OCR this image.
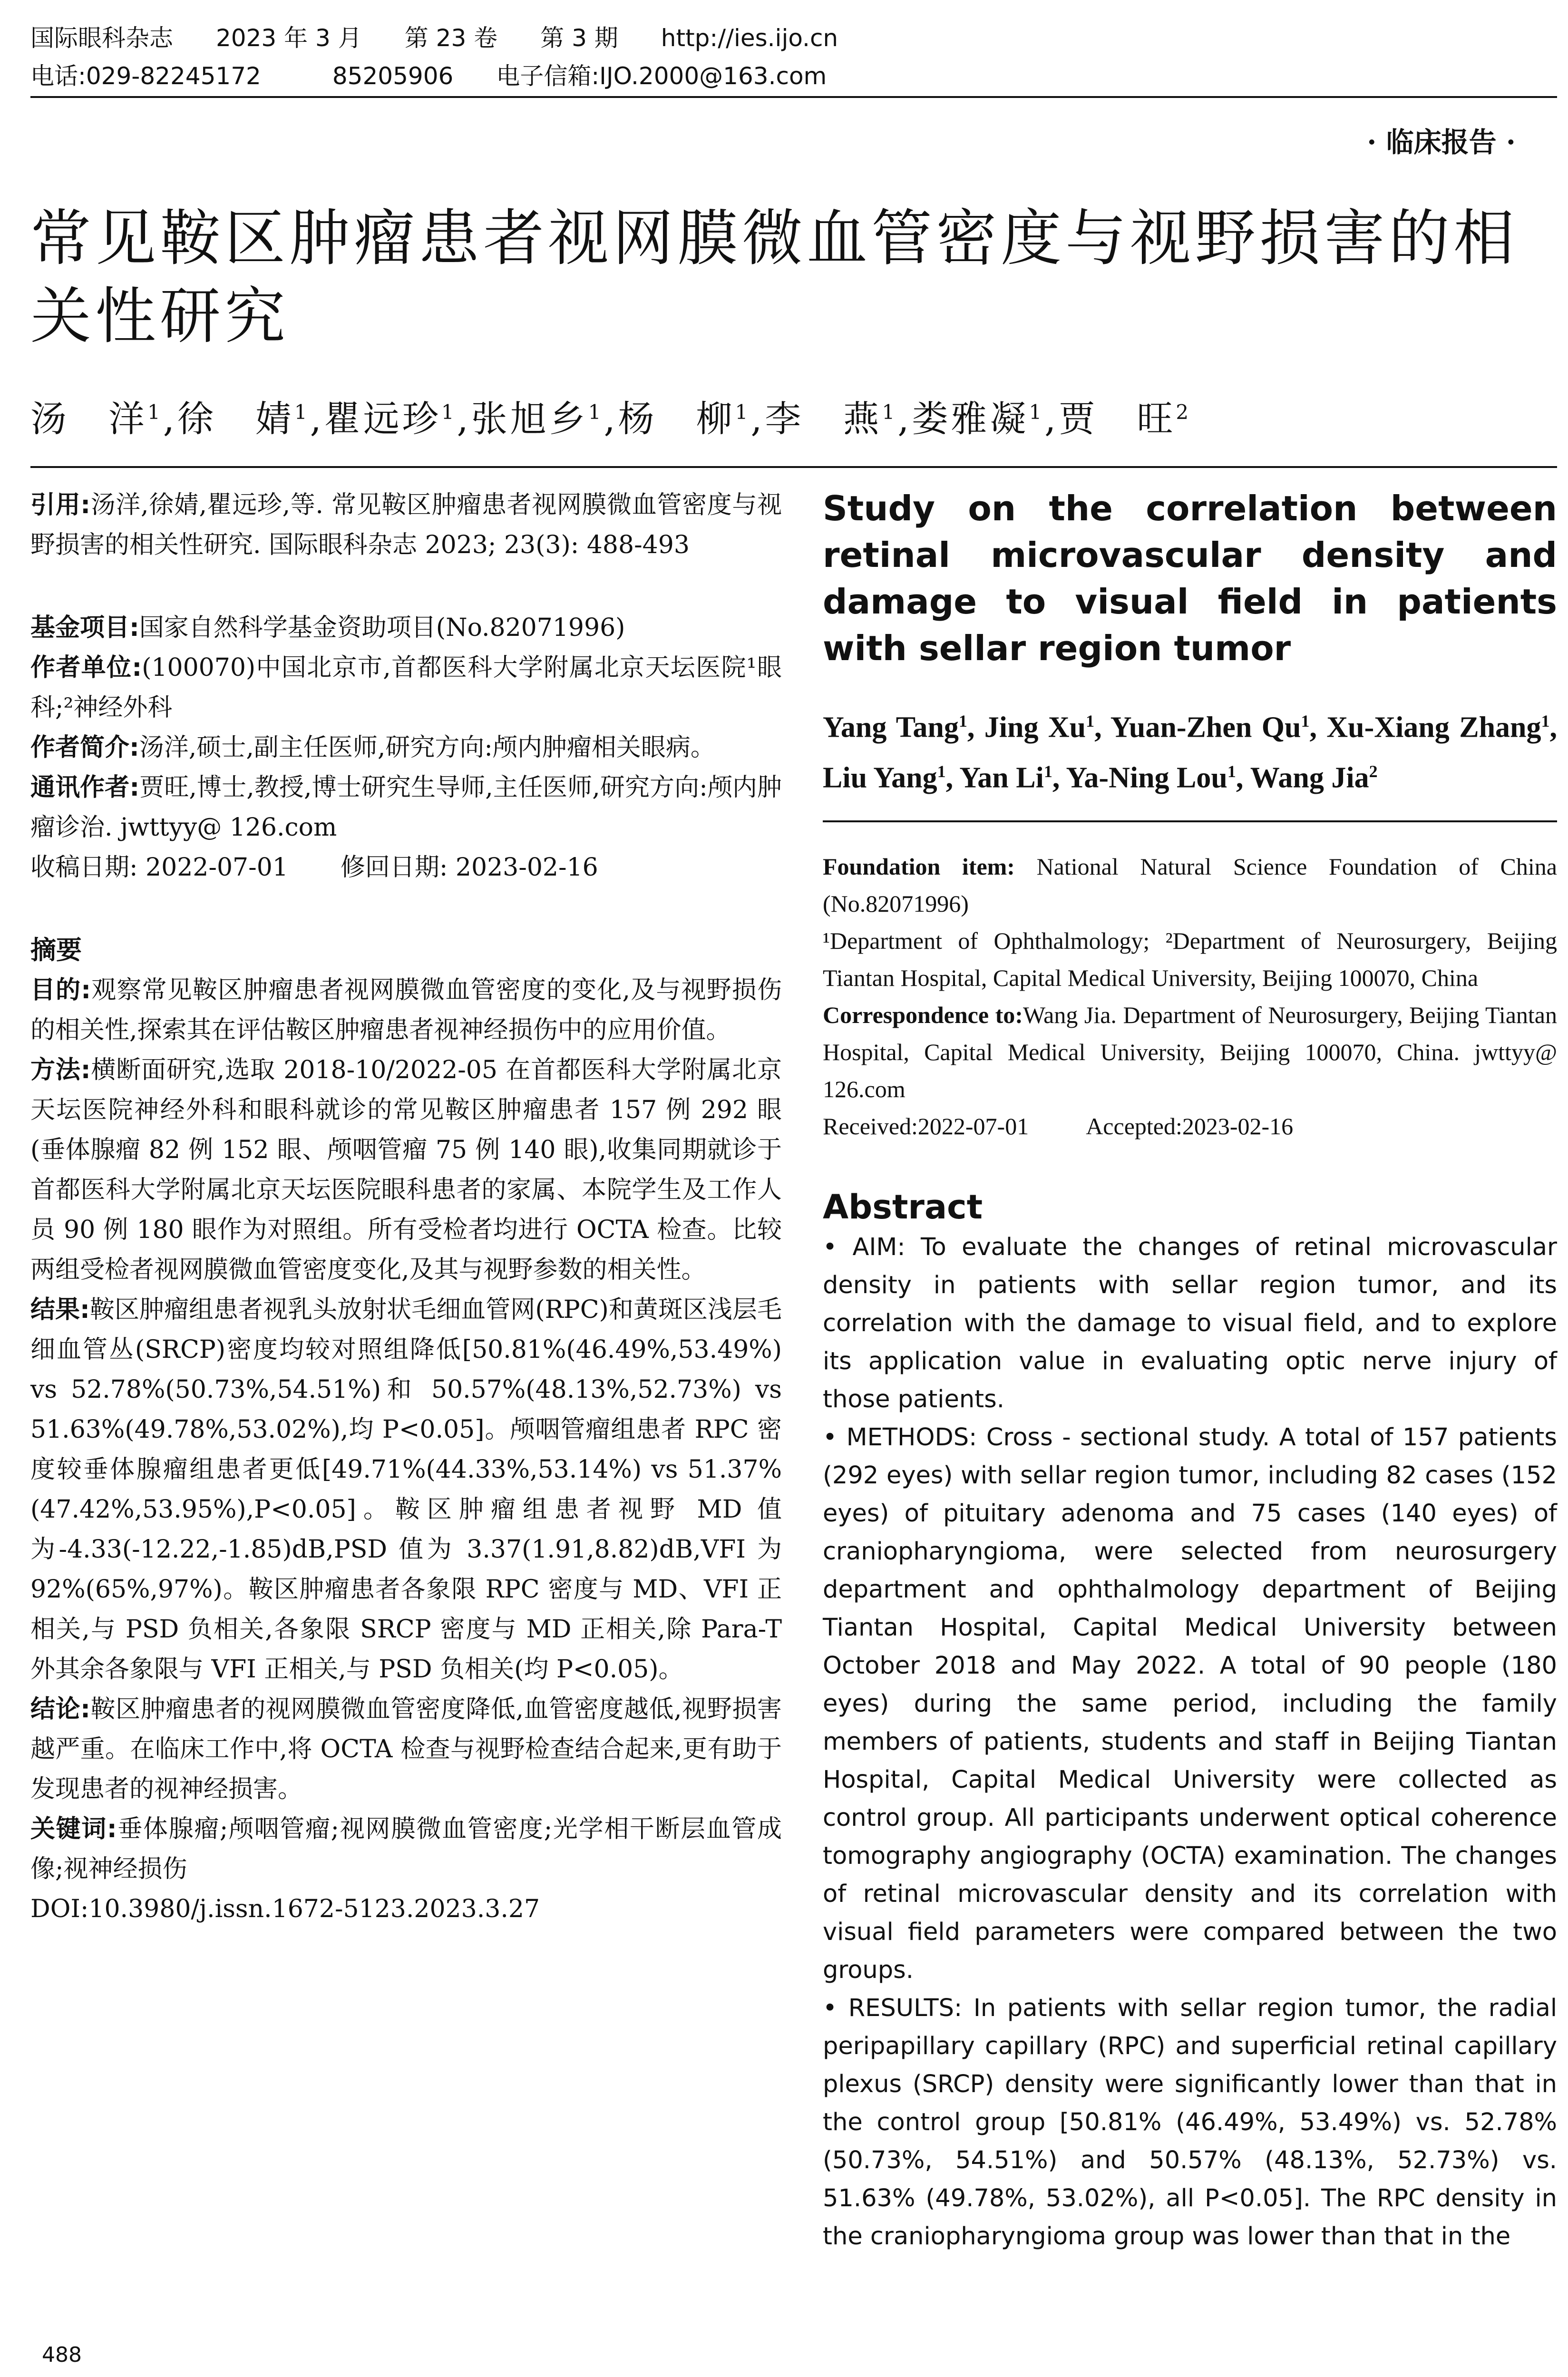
国际眼科杂志 2023 年 3 月 第 23 卷 第 3 期 http://ies.ijo.cn
电话:029-82245172	85205906 电子信箱:IJO.2000@163.com
· 临床报告 ·
常见鞍区肿瘤患者视网膜微血管密度与视野损害的相关性研究
汤　洋$^1$,徐　婧$^1$,瞿远珍$^1$,张旭乡$^1$,杨　柳$^1$,李　燕$^1$,娄雅凝$^1$,贾　旺$^2$

引用:汤洋,徐婧,瞿远珍,等. 常见鞍区肿瘤患者视网膜微血管密度与视野损害的相关性研究. 国际眼科杂志 2023; 23(3): 488-493

基金项目:国家自然科学基金资助项目(No.82071996)

作者单位:(100070)中国北京市,首都医科大学附属北京天坛医院¹眼科;²神经外科

作者简介:汤洋,硕士,副主任医师,研究方向:颅内肿瘤相关眼病。

通讯作者:贾旺,博士,教授,博士研究生导师,主任医师,研究方向:颅内肿瘤诊治. jwttyy@ 126.com

收稿日期: 2022-07-01 修回日期: 2023-02-16

摘要

目的:观察常见鞍区肿瘤患者视网膜微血管密度的变化,及与视野损伤的相关性,探索其在评估鞍区肿瘤患者视神经损伤中的应用价值。

方法:横断面研究,选取 2018-10/2022-05 在首都医科大学附属北京天坛医院神经外科和眼科就诊的常见鞍区肿瘤患者 157 例 292 眼(垂体腺瘤 82 例 152 眼、颅咽管瘤 75 例 140 眼),收集同期就诊于首都医科大学附属北京天坛医院眼科患者的家属、本院学生及工作人员 90 例 180 眼作为对照组。所有受检者均进行 OCTA 检查。比较两组受检者视网膜微血管密度变化,及其与视野参数的相关性。

结果:鞍区肿瘤组患者视乳头放射状毛细血管网(RPC)和黄斑区浅层毛细血管丛(SRCP)密度均较对照组降低[50.81%(46.49%,53.49%) vs 52.78%(50.73%,54.51%)和 50.57%(48.13%,52.73%) vs 51.63%(49.78%,53.02%),均 P<0.05]。颅咽管瘤组患者 RPC 密度较垂体腺瘤组患者更低[49.71%(44.33%,53.14%) vs 51.37%(47.42%,53.95%),P<0.05]。鞍区肿瘤组患者视野 MD 值为-4.33(-12.22,-1.85)dB,PSD 值为 3.37(1.91,8.82)dB,VFI 为 92%(65%,97%)。鞍区肿瘤患者各象限 RPC 密度与 MD、VFI 正相关,与 PSD 负相关,各象限 SRCP 密度与 MD 正相关,除 Para-T 外其余各象限与 VFI 正相关,与 PSD 负相关(均 P<0.05)。

结论:鞍区肿瘤患者的视网膜微血管密度降低,血管密度越低,视野损害越严重。在临床工作中,将 OCTA 检查与视野检查结合起来,更有助于发现患者的视神经损害。

关键词:垂体腺瘤;颅咽管瘤;视网膜微血管密度;光学相干断层血管成像;视神经损伤

DOI:10.3980/j.issn.1672-5123.2023.3.27

Study on the correlation between retinal microvascular density and damage to visual field in patients with sellar region tumor
Yang Tang$^1$, Jing Xu$^1$, Yuan-Zhen Qu$^1$, Xu-Xiang Zhang$^1$, Liu Yang$^1$, Yan Li$^1$, Ya-Ning Lou$^1$, Wang Jia$^2$

Foundation item: National Natural Science Foundation of China (No.82071996)

¹Department of Ophthalmology; ²Department of Neurosurgery, Beijing Tiantan Hospital, Capital Medical University, Beijing 100070, China

Correspondence to:Wang Jia. Department of Neurosurgery, Beijing Tiantan Hospital, Capital Medical University, Beijing 100070, China. jwttyy@ 126.com

Received:2022-07-01 Accepted:2023-02-16

Abstract

• AIM: To evaluate the changes of retinal microvascular density in patients with sellar region tumor, and its correlation with the damage to visual field, and to explore its application value in evaluating optic nerve injury of those patients.

• METHODS: Cross - sectional study. A total of 157 patients (292 eyes) with sellar region tumor, including 82 cases (152 eyes) of pituitary adenoma and 75 cases (140 eyes) of craniopharyngioma, were selected from neurosurgery department and ophthalmology department of Beijing Tiantan Hospital, Capital Medical University between October 2018 and May 2022. A total of 90 people (180 eyes) during the same period, including the family members of patients, students and staff in Beijing Tiantan Hospital, Capital Medical University were collected as control group. All participants underwent optical coherence tomography angiography (OCTA) examination. The changes of retinal microvascular density and its correlation with visual field parameters were compared between the two groups.

• RESULTS: In patients with sellar region tumor, the radial peripapillary capillary (RPC) and superficial retinal capillary plexus (SRCP) density were significantly lower than that in the control group [50.81% (46.49%, 53.49%) vs. 52.78%(50.73%, 54.51%) and 50.57% (48.13%, 52.73%) vs. 51.63% (49.78%, 53.02%), all P<0.05]. The RPC density in the craniopharyngioma group was lower than that in the

488
